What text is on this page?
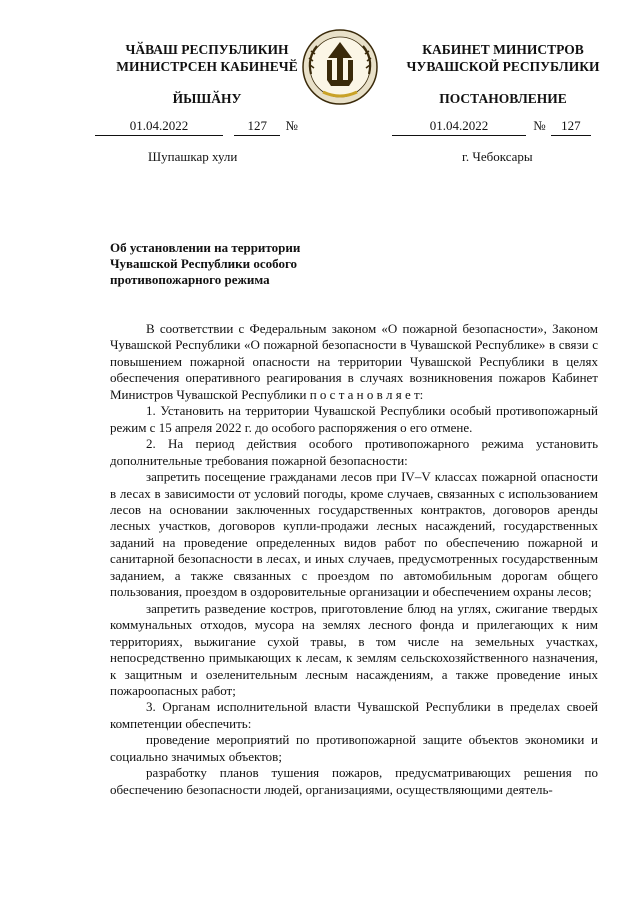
ЧӐВАШ РЕСПУБЛИКИН
МИНИСТРСЕН КАБИНЕЧӖ
ЙЫШӐНУ
КАБИНЕТ МИНИСТРОВ
ЧУВАШСКОЙ РЕСПУБЛИКИ
ПОСТАНОВЛЕНИЕ
01.04.2022	127 №	01.04.2022	№ 127
Шупашкар хули	г. Чебоксары
Об установлении на территории
Чувашской Республики особого
противопожарного режима

В соответствии с Федеральным законом «О пожарной безопасности», Законом Чувашской Республики «О пожарной безопасности в Чувашской Республике» в связи с повышением пожарной опасности на территории Чувашской Республики в целях обеспечения оперативного реагирования в случаях возникновения пожаров Кабинет Министров Чувашской Республики п о с т а н о в л я е т:

1. Установить на территории Чувашской Республики особый противопожарный режим с 15 апреля 2022 г. до особого распоряжения о его отмене.

2. На период действия особого противопожарного режима установить дополнительные требования пожарной безопасности:

запретить посещение гражданами лесов при IV–V классах пожарной опасности в лесах в зависимости от условий погоды, кроме случаев, связанных с использованием лесов на основании заключенных государственных контрактов, договоров аренды лесных участков, договоров купли-продажи лесных насаждений, государственных заданий на проведение определенных видов работ по обеспечению пожарной и санитарной безопасности в лесах, и иных случаев, предусмотренных государственным заданием, а также связанных с проездом по автомобильным дорогам общего пользования, проездом в оздоровительные организации и обеспечением охраны лесов;

запретить разведение костров, приготовление блюд на углях, сжигание твердых коммунальных отходов, мусора на землях лесного фонда и прилегающих к ним территориях, выжигание сухой травы, в том числе на земельных участках, непосредственно примыкающих к лесам, к землям сельскохозяйственного назначения, к защитным и озеленительным лесным насаждениям, а также проведение иных пожароопасных работ;

3. Органам исполнительной власти Чувашской Республики в пределах своей компетенции обеспечить:

проведение мероприятий по противопожарной защите объектов экономики и социально значимых объектов;

разработку планов тушения пожаров, предусматривающих решения по обеспечению безопасности людей, организациями, осуществляющими деятель-
